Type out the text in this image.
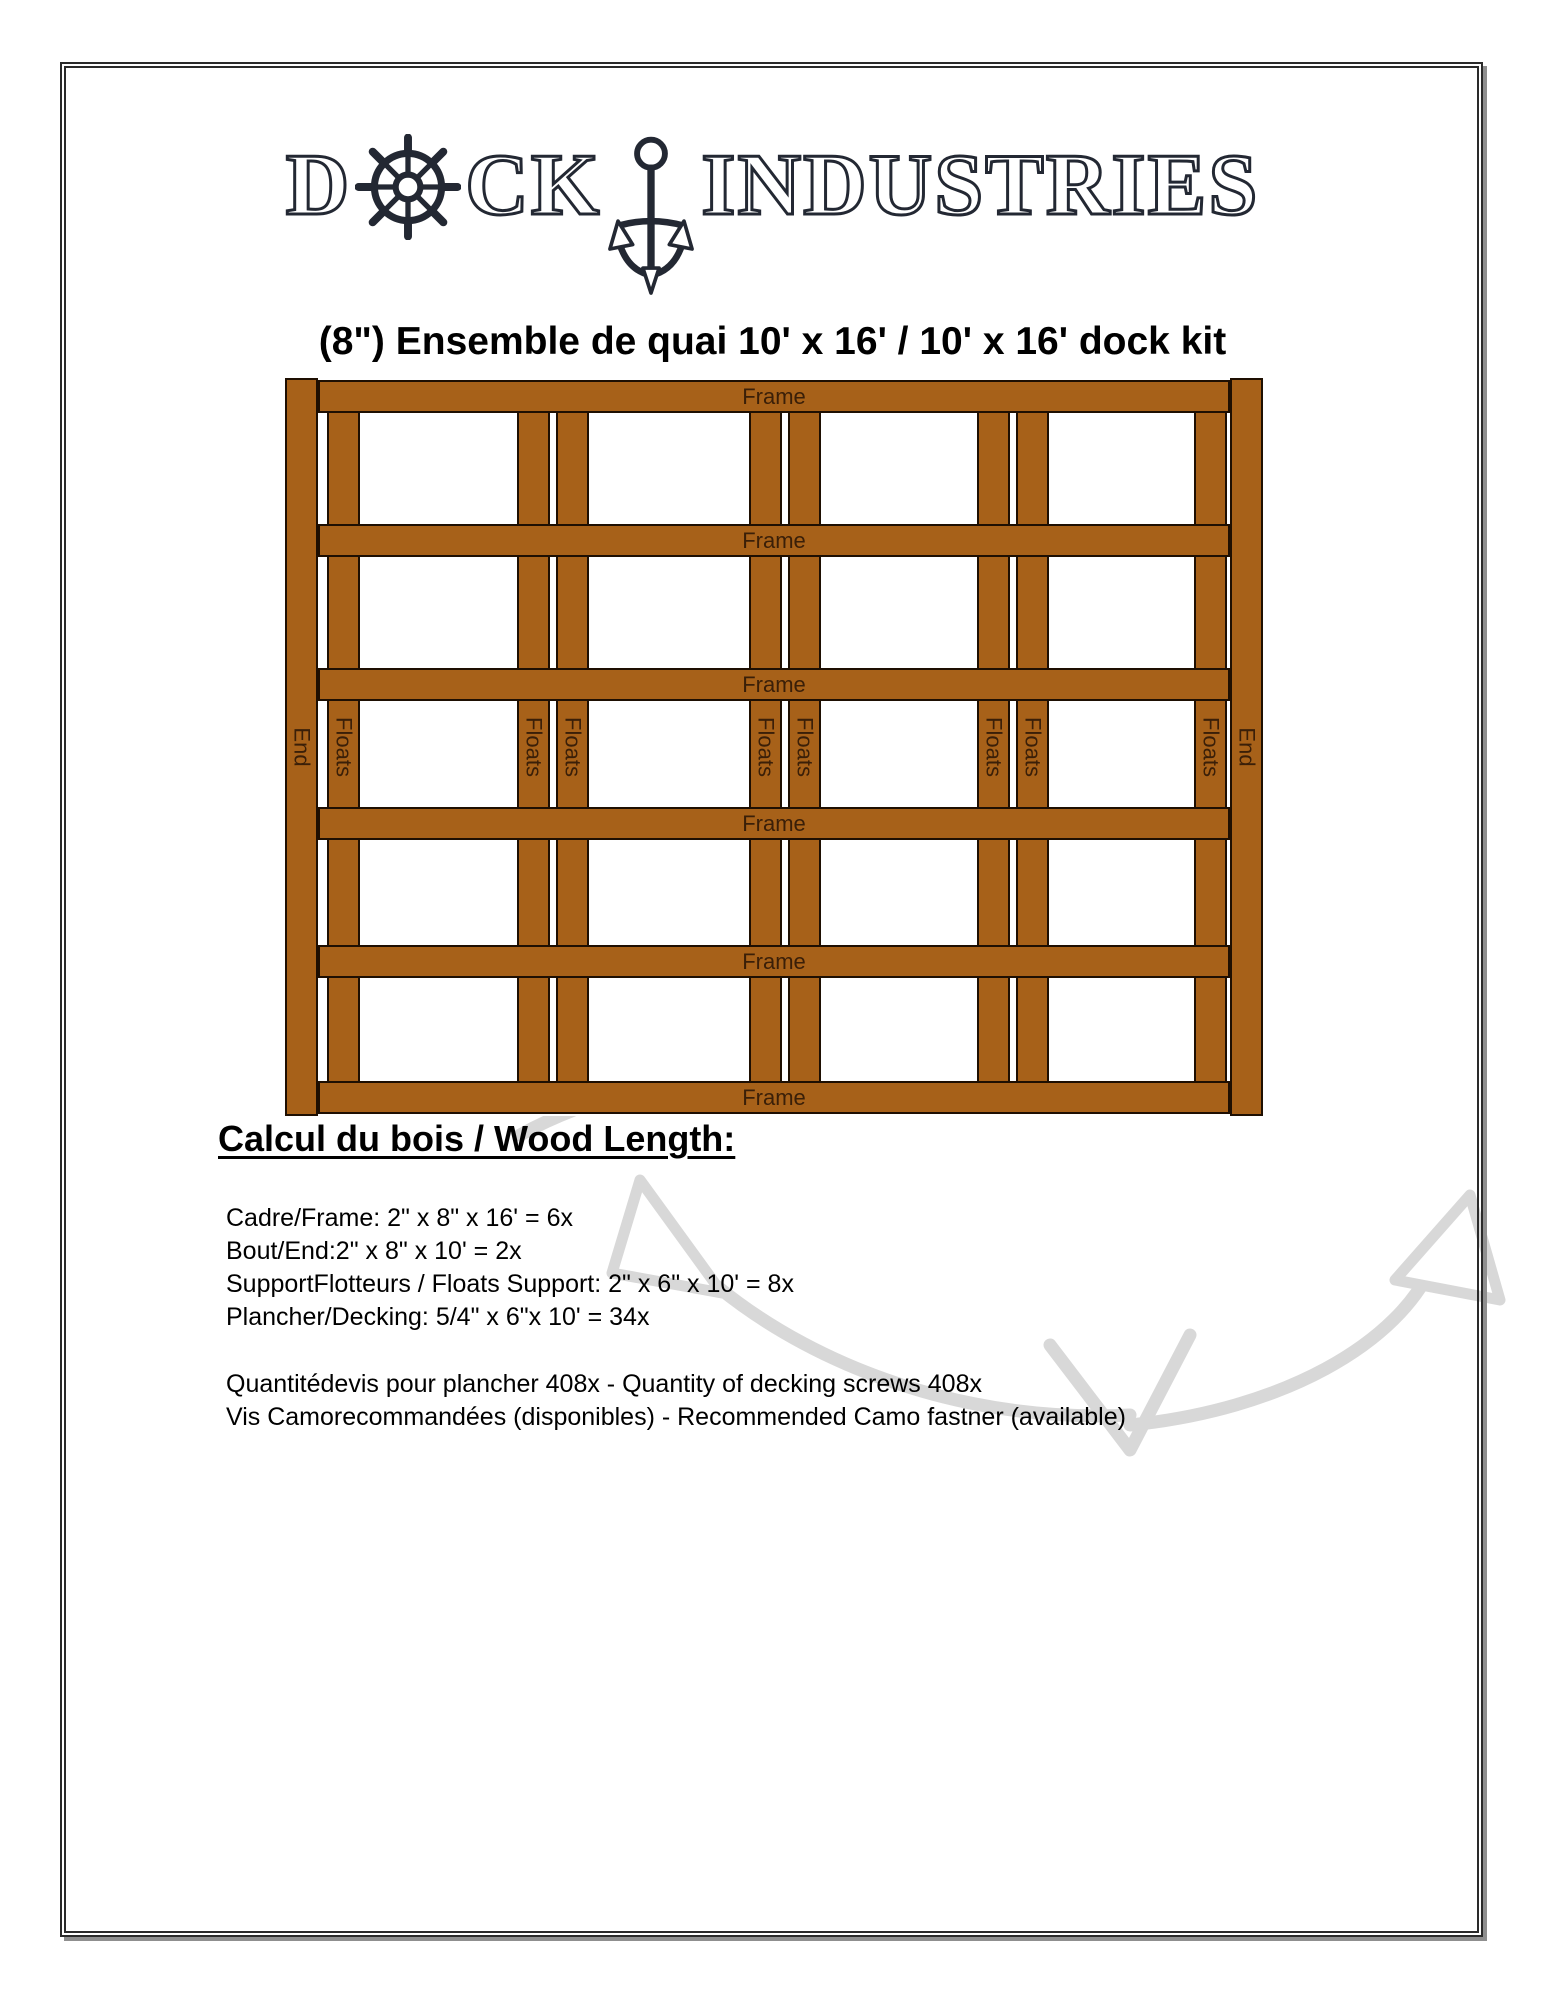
D CK INDUSTRIES
(8") Ensemble de quai 10' x 16' / 10' x 16' dock kit
Floats	Floats Floats	Floats Floats	Floats Floats	Floats
Frame
Frame
Frame
Frame
Frame
Frame
End	End
Calcul du bois / Wood Length:
Cadre/Frame: 2" x 8" x 16' = 6x
Bout/End:2" x 8" x 10' = 2x
SupportFlotteurs / Floats Support: 2" x 6" x 10' = 8x
Plancher/Decking: 5/4" x 6"x 10' = 34x
Quantitédevis pour plancher 408x - Quantity of decking screws 408x
Vis Camorecommandées (disponibles) - Recommended Camo fastner (available)
